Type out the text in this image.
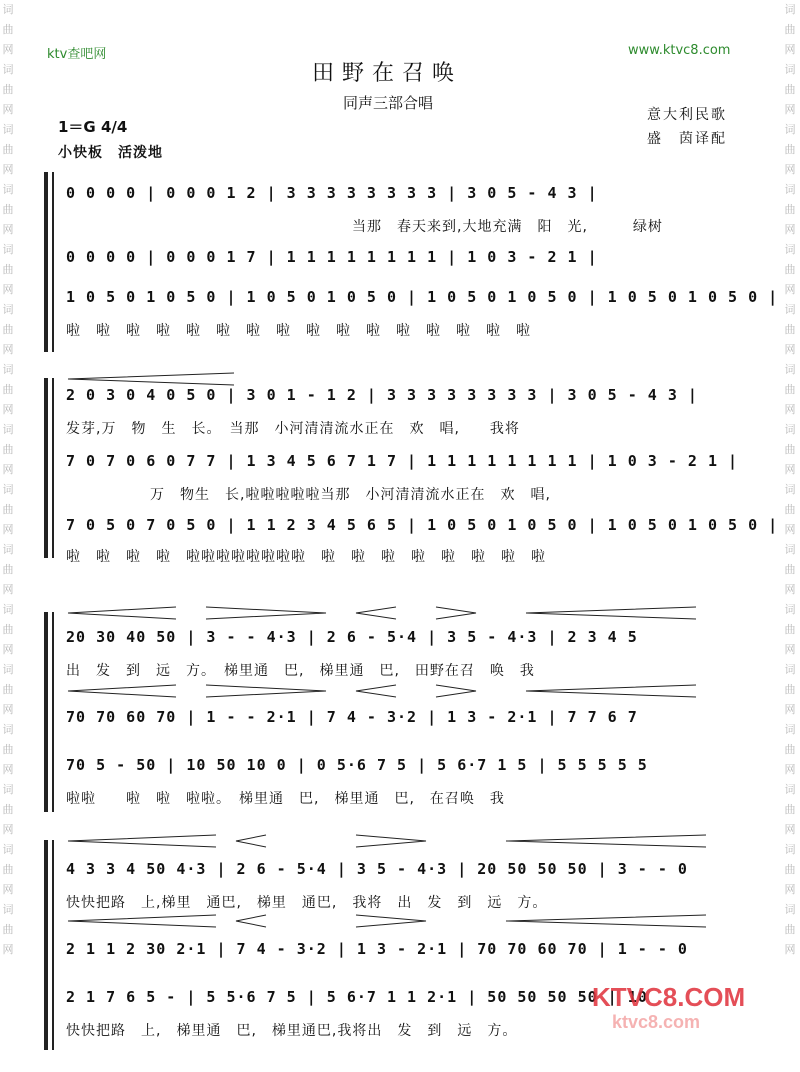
词曲网词曲网词曲网词曲网词曲网词曲网词曲网词曲网词曲网词曲网词曲网词曲网词曲网词曲网词曲网词曲网
词曲网词曲网词曲网词曲网词曲网词曲网词曲网词曲网词曲网词曲网词曲网词曲网词曲网词曲网词曲网词曲网
ktv查吧网	www.ktvc8.com
田野在召唤
同声三部合唱
意大利民歌
盛　茵译配
1＝G 4/4
小快板　活泼地
0 0 0 0 | 0 0 0 1 2 | 3 3 3 3 3 3 3 3 | 3 0 5 - 4 3 |
当那　春天来到,大地充满　阳　光,　　　绿树
0 0 0 0 | 0 0 0 1 7 | 1 1 1 1 1 1 1 1 | 1 0 3 - 2 1 |
1 0 5 0 1 0 5 0 | 1 0 5 0 1 0 5 0 | 1 0 5 0 1 0 5 0 | 1 0 5 0 1 0 5 0 |
啦　啦　啦　啦　啦　啦　啦　啦　啦　啦　啦　啦　啦　啦　啦　啦
2 0 3 0 4 0 5 0 | 3 0 1 - 1 2 | 3 3 3 3 3 3 3 3 | 3 0 5 - 4 3 |
发芽,万　物　生　长。　当那　小河清清流水正在　欢　唱,　　我将
7 0 7 0 6 0 7 7 | 1 3 4 5 6 7 1 7 | 1 1 1 1 1 1 1 1 | 1 0 3 - 2 1 |
万　物生　长,啦啦啦啦啦当那　小河清清流水正在　欢　唱,
7 0 5 0 7 0 5 0 | 1 1 2 3 4 5 6 5 | 1 0 5 0 1 0 5 0 | 1 0 5 0 1 0 5 0 |
啦　啦　啦　啦　啦啦啦啦啦啦啦啦　啦　啦　啦　啦　啦　啦　啦　啦
20 30 40 50 | 3 - - 4·3 | 2 6 - 5·4 | 3 5 - 4·3 | 2 3 4 5
出　发　到　远　方。　梯里通　巴,　梯里通　巴,　田野在召　唤　我
70 70 60 70 | 1 - - 2·1 | 7 4 - 3·2 | 1 3 - 2·1 | 7 7 6 7
70 5 - 50 | 10 50 10 0 | 0 5·6 7 5 | 5 6·7 1 5 | 5 5 5 5 5
啦啦　　啦　啦　啦啦。　梯里通　巴,　梯里通　巴,　在召唤　我
4 3 3 4 50 4·3 | 2 6 - 5·4 | 3 5 - 4·3 | 20 50 50 50 | 3 - - 0
快快把路　上,梯里　通巴,　梯里　通巴,　我将　出　发　到　远　方。
2 1 1 2 30 2·1 | 7 4 - 3·2 | 1 3 - 2·1 | 70 70 60 70 | 1 - - 0
2 1 7 6 5 - | 5 5·6 7 5 | 5 6·7 1 1 2·1 | 50 50 50 50 | 10
快快把路　上,　梯里通　巴,　梯里通巴,我将出　发　到　远　方。
KTVC8.COM
ktvc8.com
